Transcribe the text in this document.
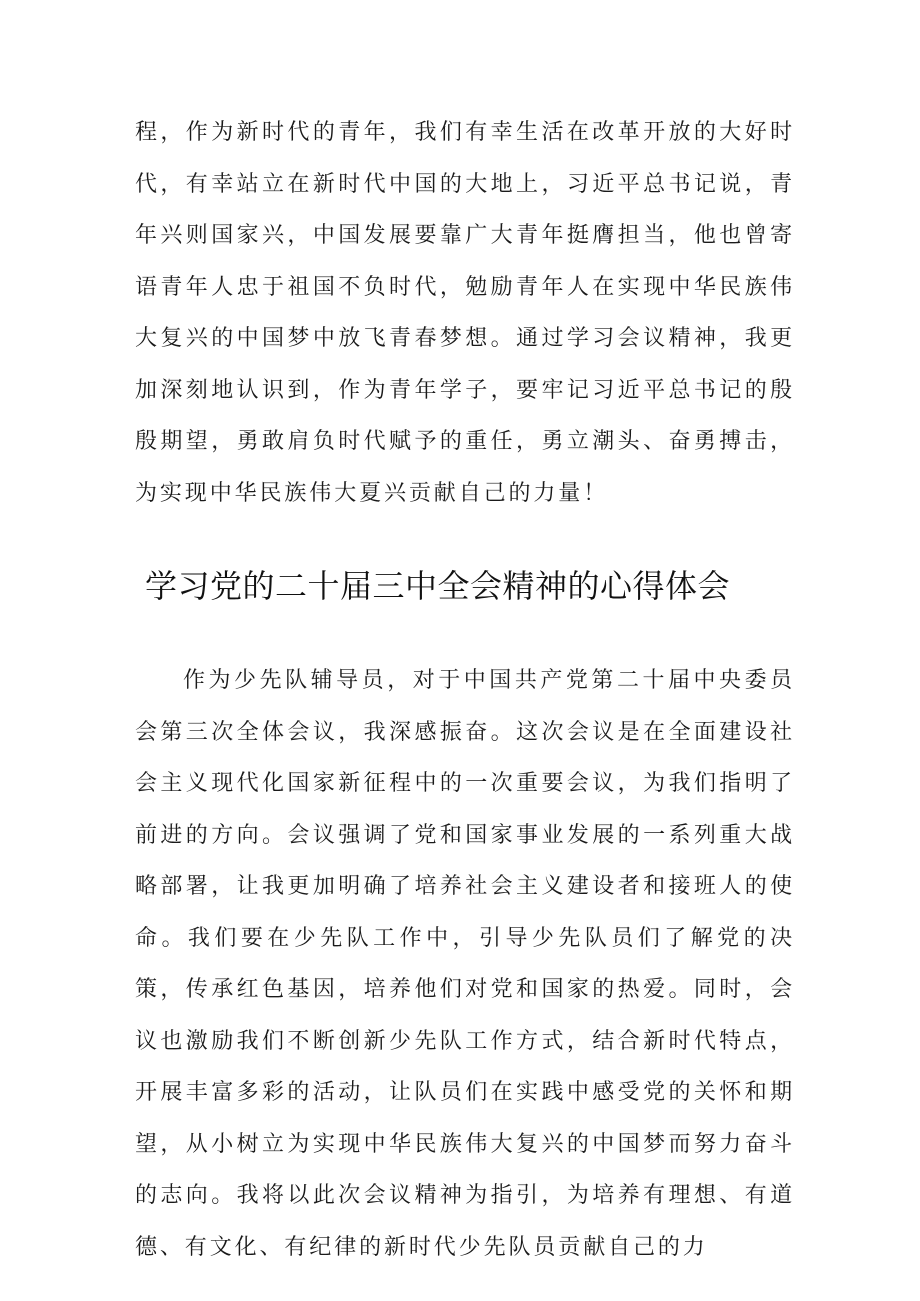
程，作为新时代的青年，我们有幸生活在改革开放的大好时代，有幸站立在新时代中国的大地上，习近平总书记说，青年兴则国家兴，中国发展要靠广大青年挺膺担当，他也曾寄语青年人忠于祖国不负时代，勉励青年人在实现中华民族伟大复兴的中国梦中放飞青春梦想。通过学习会议精神，我更加深刻地认识到，作为青年学子，要牢记习近平总书记的殷殷期望，勇敢肩负时代赋予的重任，勇立潮头、奋勇搏击，为实现中华民族伟大夏兴贡献自己的力量！

学习党的二十届三中全会精神的心得体会

作为少先队辅导员，对于中国共产党第二十届中央委员会第三次全体会议，我深感振奋。这次会议是在全面建设社会主义现代化国家新征程中的一次重要会议，为我们指明了前进的方向。会议强调了党和国家事业发展的一系列重大战略部署，让我更加明确了培养社会主义建设者和接班人的使命。我们要在少先队工作中，引导少先队员们了解党的决策，传承红色基因，培养他们对党和国家的热爱。同时，会议也激励我们不断创新少先队工作方式，结合新时代特点，开展丰富多彩的活动，让队员们在实践中感受党的关怀和期望，从小树立为实现中华民族伟大复兴的中国梦而努力奋斗的志向。我将以此次会议精神为指引，为培养有理想、有道德、有文化、有纪律的新时代少先队员贡献自己的力
